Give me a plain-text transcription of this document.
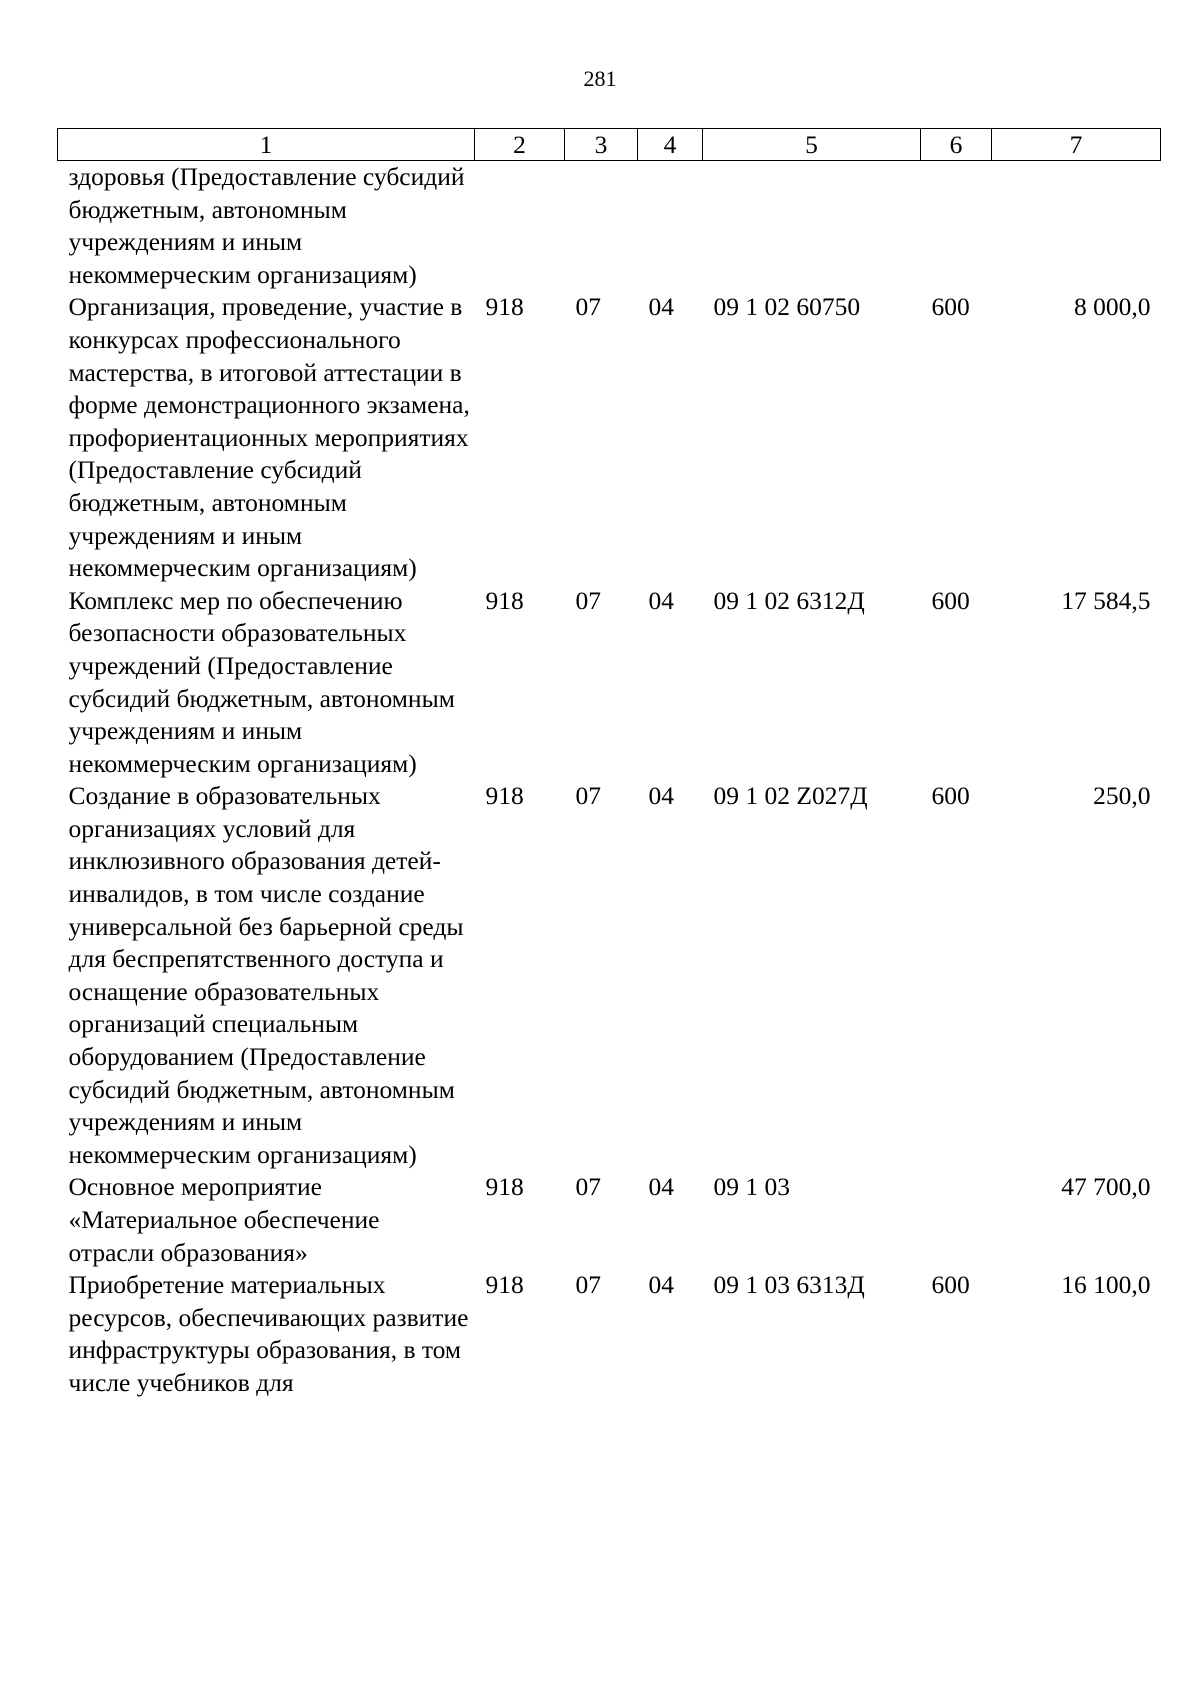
281
1	2	3	4	5	6	7
здоровья (Предоставление субсидий бюджетным, автономным учреждениям и иным некоммерческим организациям)						
Организация, проведение, участие в конкурсах профессионального мастерства, в итоговой аттестации в форме демонстрационного экзамена, профориентационных мероприятиях (Предоставление субсидий бюджетным, автономным учреждениям и иным некоммерческим организациям)	918	07	04	09 1 02 60750	600	8 000,0
Комплекс мер по обеспечению безопасности образовательных учреждений (Предоставление субсидий бюджетным, автономным учреждениям и иным некоммерческим организациям)	918	07	04	09 1 02 6312Д	600	17 584,5
Создание в образовательных организациях условий для инклюзивного образования детей-инвалидов, в том числе создание универсальной без барьерной среды для беспрепятственного доступа и оснащение образовательных организаций специальным оборудованием (Предоставление субсидий бюджетным, автономным учреждениям и иным некоммерческим организациям)	918	07	04	09 1 02 Z027Д	600	250,0
Основное мероприятие «Материальное обеспечение отрасли образования»	918	07	04	09 1 03		47 700,0
Приобретение материальных ресурсов, обеспечивающих развитие инфраструктуры образования, в том числе учебников для	918	07	04	09 1 03 6313Д	600	16 100,0
